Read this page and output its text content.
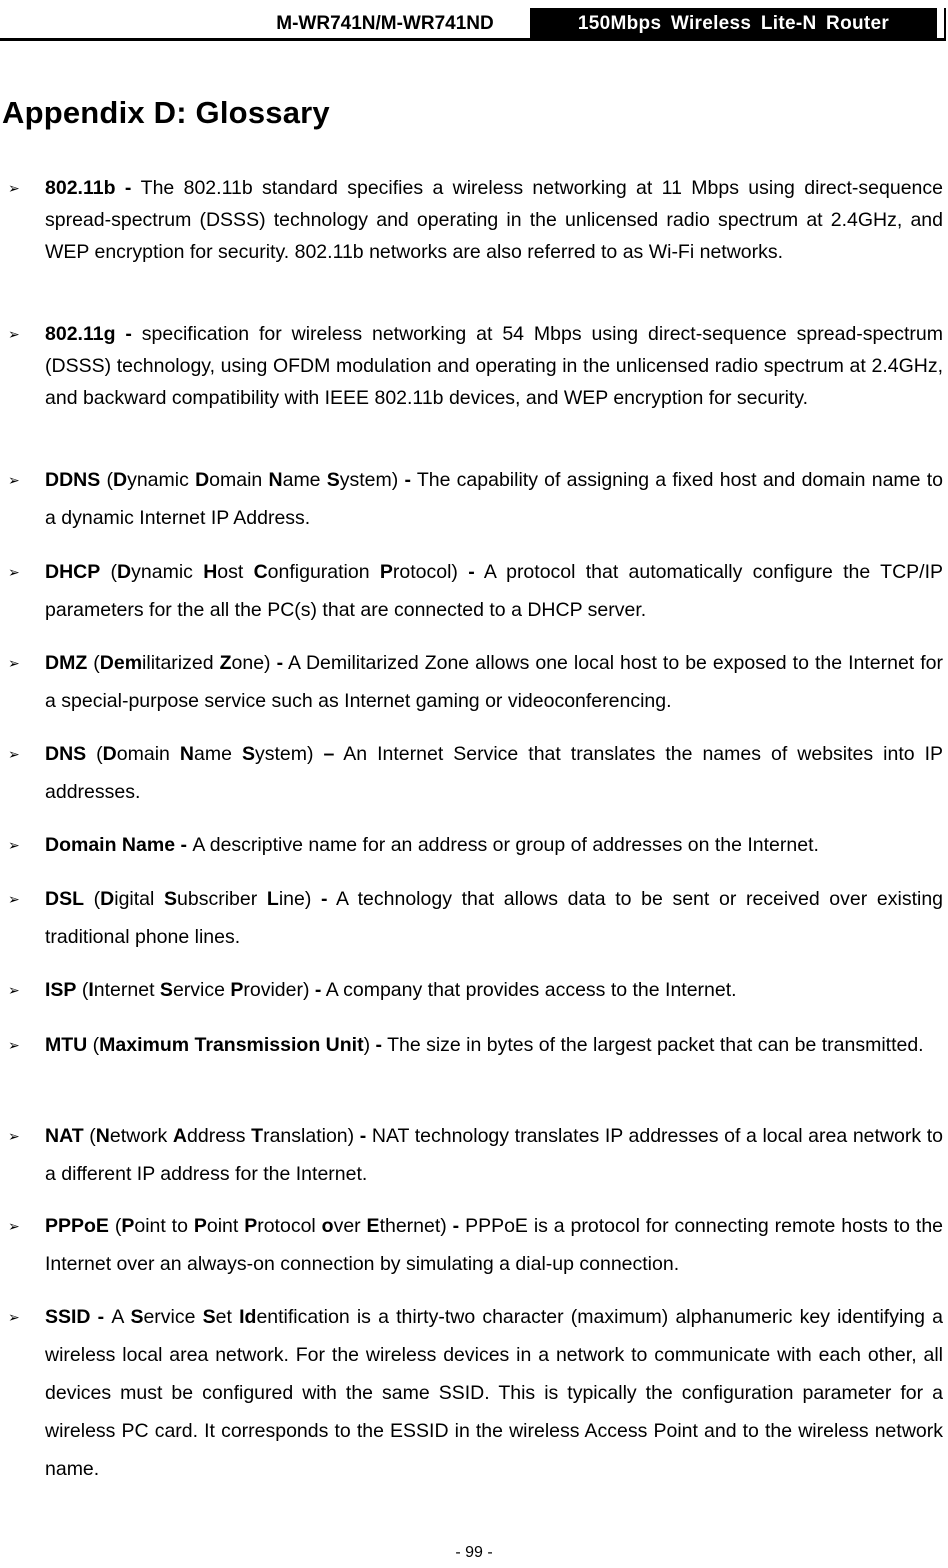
M-WR741N/M-WR741ND	150Mbps Wireless Lite-N Router
Appendix D: Glossary
➢ 802.11b - The 802.11b standard specifies a wireless networking at 11 Mbps using direct-sequence spread-spectrum (DSSS) technology and operating in the unlicensed radio spectrum at 2.4GHz, and WEP encryption for security. 802.11b networks are also referred to as Wi-Fi networks.
➢ 802.11g - specification for wireless networking at 54 Mbps using direct-sequence spread-spectrum (DSSS) technology, using OFDM modulation and operating in the unlicensed radio spectrum at 2.4GHz, and backward compatibility with IEEE 802.11b devices, and WEP encryption for security.
➢ DDNS (Dynamic Domain Name System) - The capability of assigning a fixed host and domain name to a dynamic Internet IP Address.
➢ DHCP (Dynamic Host Configuration Protocol) - A protocol that automatically configure the TCP/IP parameters for the all the PC(s) that are connected to a DHCP server.
➢ DMZ (Demilitarized Zone) - A Demilitarized Zone allows one local host to be exposed to the Internet for a special-purpose service such as Internet gaming or videoconferencing.
➢ DNS (Domain Name System) – An Internet Service that translates the names of websites into IP addresses.
➢ Domain Name - A descriptive name for an address or group of addresses on the Internet.
➢ DSL (Digital Subscriber Line) - A technology that allows data to be sent or received over existing traditional phone lines.
➢ ISP (Internet Service Provider) - A company that provides access to the Internet.
➢ MTU (Maximum Transmission Unit) - The size in bytes of the largest packet that can be transmitted.
➢ NAT (Network Address Translation) - NAT technology translates IP addresses of a local area network to a different IP address for the Internet.
➢ PPPoE (Point to Point Protocol over Ethernet) - PPPoE is a protocol for connecting remote hosts to the Internet over an always-on connection by simulating a dial-up connection.
➢ SSID - A Service Set Identification is a thirty-two character (maximum) alphanumeric key identifying a wireless local area network. For the wireless devices in a network to communicate with each other, all devices must be configured with the same SSID. This is typically the configuration parameter for a wireless PC card. It corresponds to the ESSID in the wireless Access Point and to the wireless network name.
- 99 -
